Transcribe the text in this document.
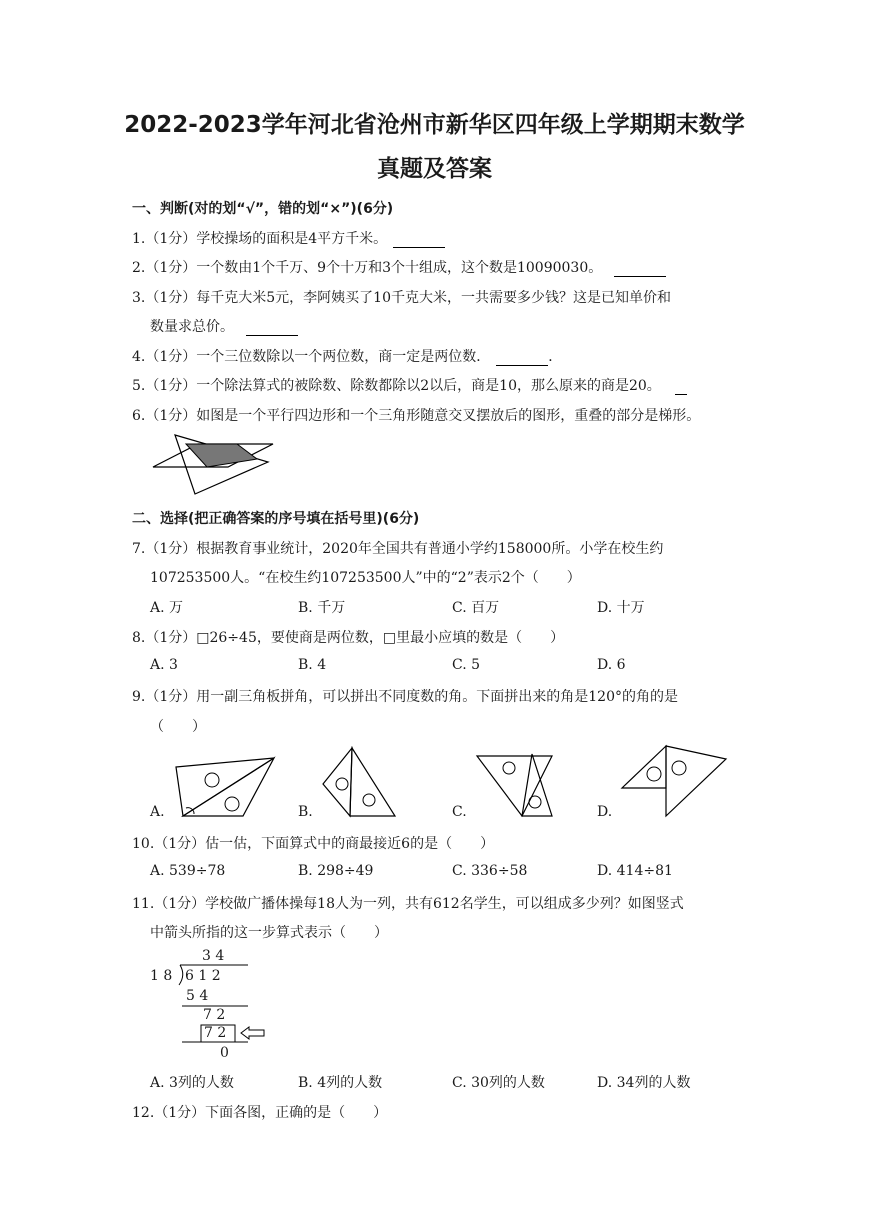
2022-2023学年河北省沧州市新华区四年级上学期期末数学
真题及答案
一、判断(对的划“√”，错的划“×”)(6分)
1.（1分）学校操场的面积是4平方千米。
2.（1分）一个数由1个千万、9个十万和3个十组成，这个数是10090030。
3.（1分）每千克大米5元，李阿姨买了10千克大米，一共需要多少钱？这是已知单价和
数量求总价。
4.（1分）一个三位数除以一个两位数，商一定是两位数．	．
5.（1分）一个除法算式的被除数、除数都除以2以后，商是10，那么原来的商是20。
6.（1分）如图是一个平行四边形和一个三角形随意交叉摆放后的图形，重叠的部分是梯形。
二、选择(把正确答案的序号填在括号里)(6分)
7.（1分）根据教育事业统计，2020年全国共有普通小学约158000所。小学在校生约
107253500人。“在校生约107253500人”中的“2”表示2个（　　）
A. 万	B. 千万	C. 百万	D. 十万
8.（1分）□26÷45，要使商是两位数，□里最小应填的数是（　　）
A. 3	B. 4	C. 5	D. 6
9.（1分）用一副三角板拼角，可以拼出不同度数的角。下面拼出来的角是120°的角的是
（　　）
A.	B.	C.	D.
10.（1分）估一估，下面算式中的商最接近6的是（　　）
A. 539÷78	B. 298÷49	C. 336÷58	D. 414÷81
11.（1分）学校做广播体操每18人为一列，共有612名学生，可以组成多少列？如图竖式
中箭头所指的这一步算式表示（　　）
3 4
1 8 6 1 2
5 4
7 2
7 2
0
A. 3列的人数	B. 4列的人数	C. 30列的人数	D. 34列的人数
12.（1分）下面各图，正确的是（　　）
